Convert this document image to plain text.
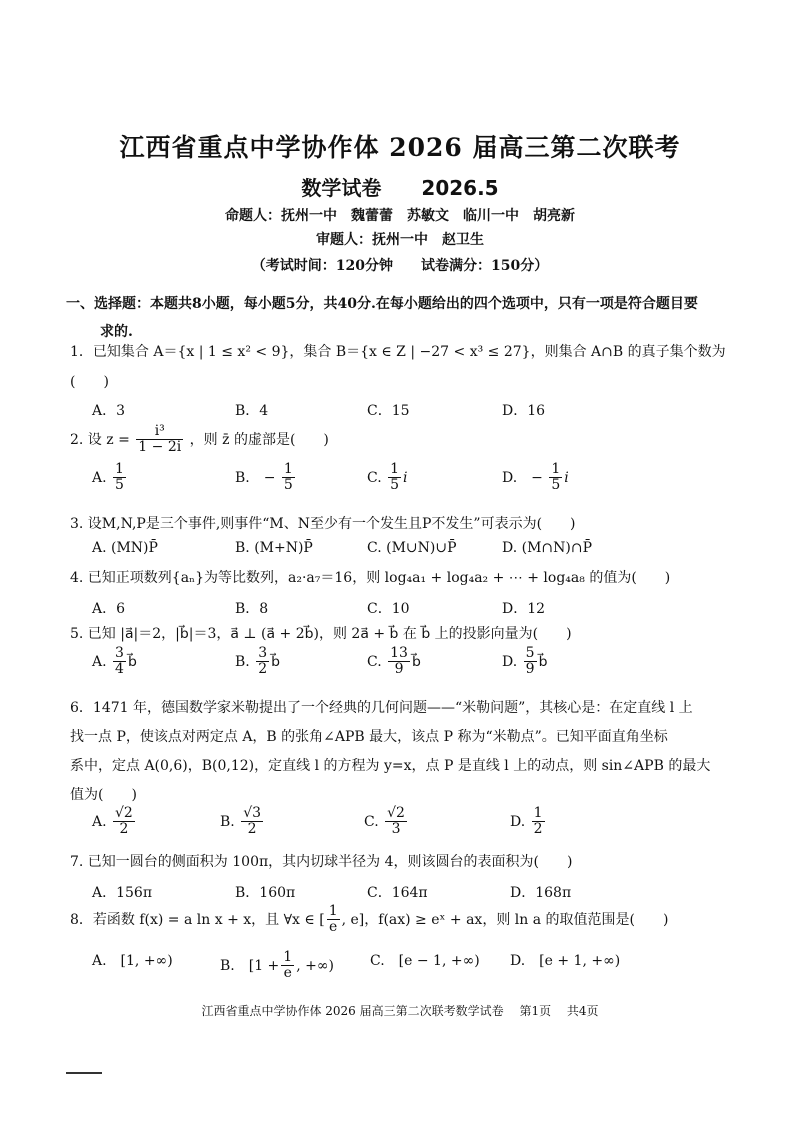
江西省重点中学协作体 2026 届高三第二次联考
数学试卷 2026.5
命题人：抚州一中　魏蕾蕾　苏敏文　临川一中　胡亮新
审题人：抚州一中　赵卫生
（考试时间：120分钟　　试卷满分：150分）
一、选择题：本题共8小题，每小题5分，共40分.在每小题给出的四个选项中，只有一项是符合题目要
求的.
1．已知集合 A＝{x | 1 ≤ x² < 9}，集合 B＝{x ∈ Z | −27 < x³ ≤ 27}，则集合 A∩B 的真子集个数为
(　　)
A．3	B．4	C．15	D．16
2. 设 $z = \frac{\text{i³}}{1 - 2i}$ ，则 z̄ 的虚部是(　　)
A. $\frac{1}{5}$	B.　− $\frac{1}{5}$	C. $\frac{1}{5}$ i	D.　− $\frac{1}{5}$ i
3. 设M,N,P是三个事件,则事件“M、N至少有一个发生且P不发生”可表示为(　　)
A. (MN)P̄	B. (M+N)P̄	C. (M∪N)∪P̄	D. (M∩N)∩P̄
4. 已知正项数列{aₙ}为等比数列，a₂·a₇＝16，则 log₄a₁ + log₄a₂ + ⋯ + log₄a₈ 的值为(　　)
A．6	B．8	C．10	D．12
5. 已知 |a⃗|＝2，|b⃗|＝3，a⃗ ⊥ (a⃗ + 2b⃗)，则 2a⃗ + b⃗ 在 b⃗ 上的投影向量为(　　)
A. $\frac{3}{4}$ b⃗	B. $\frac{3}{2}$ b⃗	C. $\frac{13}{9}$ b⃗	D. $\frac{5}{9}$ b⃗
6．1471 年，德国数学家米勒提出了一个经典的几何问题——“米勒问题”，其核心是：在定直线 l 上
找一点 P，使该点对两定点 A，B 的张角∠APB 最大，该点 P 称为“米勒点”。已知平面直角坐标
系中，定点 A(0,6)，B(0,12)，定直线 l 的方程为 y=x，点 P 是直线 l 上的动点，则 sin∠APB 的最大
值为(　　)
A. $\frac{√2}{2}$	B. $\frac{√3}{2}$	C. $\frac{√2}{3}$	D. $\frac{1}{2}$
7. 已知一圆台的侧面积为 100π，其内切球半径为 4，则该圆台的表面积为(　　)
A．156π	B．160π	C．164π	D．168π
8．若函数 f(x) = a ln x + x，且 ∀x ∈ [ $\frac{1}{e}$ , e]，f(ax) ≥ eˣ + ax，则 ln a 的取值范围是(　　)
A.　[1, +∞)	B.　[$1 + \frac{1}{e}$ , +∞)	C.　[e − 1, +∞) D.　[e + 1, +∞)
江西省重点中学协作体 2026 届高三第二次联考数学试卷 第1页 共4页
